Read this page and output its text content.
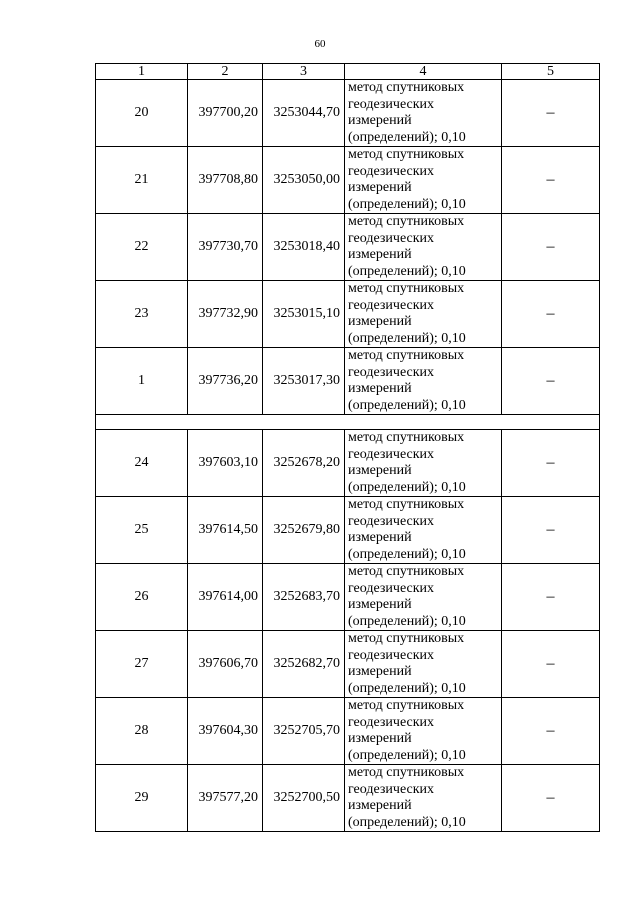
60
1	2	3	4	5
20	397700,20	3253044,70	метод спутниковых
геодезических
измерений
(определений); 0,10	–
21	397708,80	3253050,00	метод спутниковых
геодезических
измерений
(определений); 0,10	–
22	397730,70	3253018,40	метод спутниковых
геодезических
измерений
(определений); 0,10	–
23	397732,90	3253015,10	метод спутниковых
геодезических
измерений
(определений); 0,10	–
1	397736,20	3253017,30	метод спутниковых
геодезических
измерений
(определений); 0,10	–

24	397603,10	3252678,20	метод спутниковых
геодезических
измерений
(определений); 0,10	–
25	397614,50	3252679,80	метод спутниковых
геодезических
измерений
(определений); 0,10	–
26	397614,00	3252683,70	метод спутниковых
геодезических
измерений
(определений); 0,10	–
27	397606,70	3252682,70	метод спутниковых
геодезических
измерений
(определений); 0,10	–
28	397604,30	3252705,70	метод спутниковых
геодезических
измерений
(определений); 0,10	–
29	397577,20	3252700,50	метод спутниковых
геодезических
измерений
(определений); 0,10	–
